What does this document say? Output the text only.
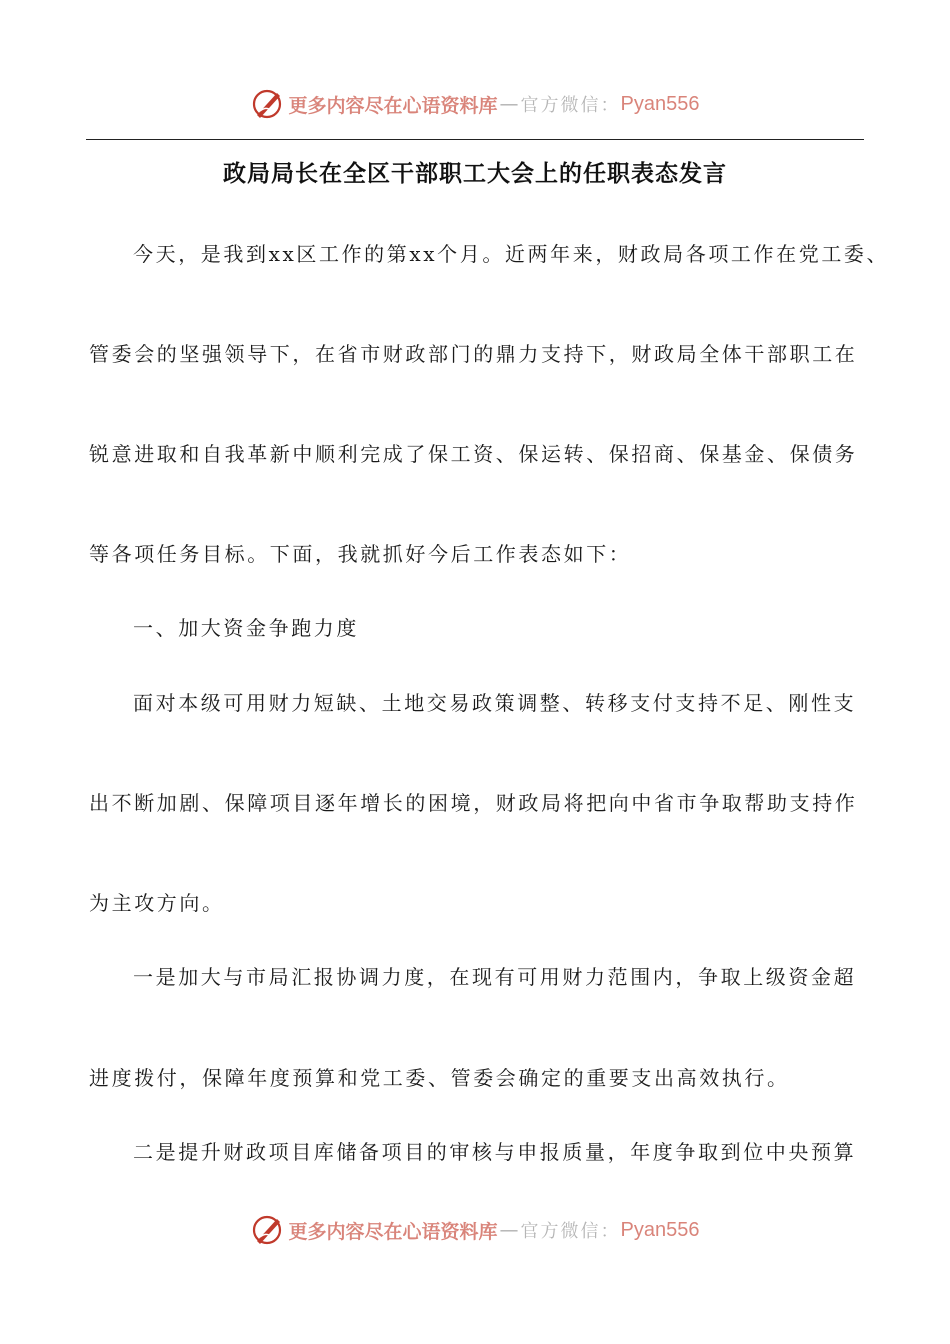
更多内容尽在心语资料库 — 官方微信： Pyan556
政局局长在全区干部职工大会上的任职表态发言
今天，是我到xx区工作的第xx个月。近两年来，财政局各项工作在党工委、
管委会的坚强领导下，在省市财政部门的鼎力支持下，财政局全体干部职工在
锐意进取和自我革新中顺利完成了保工资、保运转、保招商、保基金、保债务
等各项任务目标。下面，我就抓好今后工作表态如下：
一、加大资金争跑力度
面对本级可用财力短缺、土地交易政策调整、转移支付支持不足、刚性支
出不断加剧、保障项目逐年增长的困境，财政局将把向中省市争取帮助支持作
为主攻方向。
一是加大与市局汇报协调力度，在现有可用财力范围内，争取上级资金超
进度拨付，保障年度预算和党工委、管委会确定的重要支出高效执行。
二是提升财政项目库储备项目的审核与申报质量，年度争取到位中央预算
更多内容尽在心语资料库 — 官方微信： Pyan556
